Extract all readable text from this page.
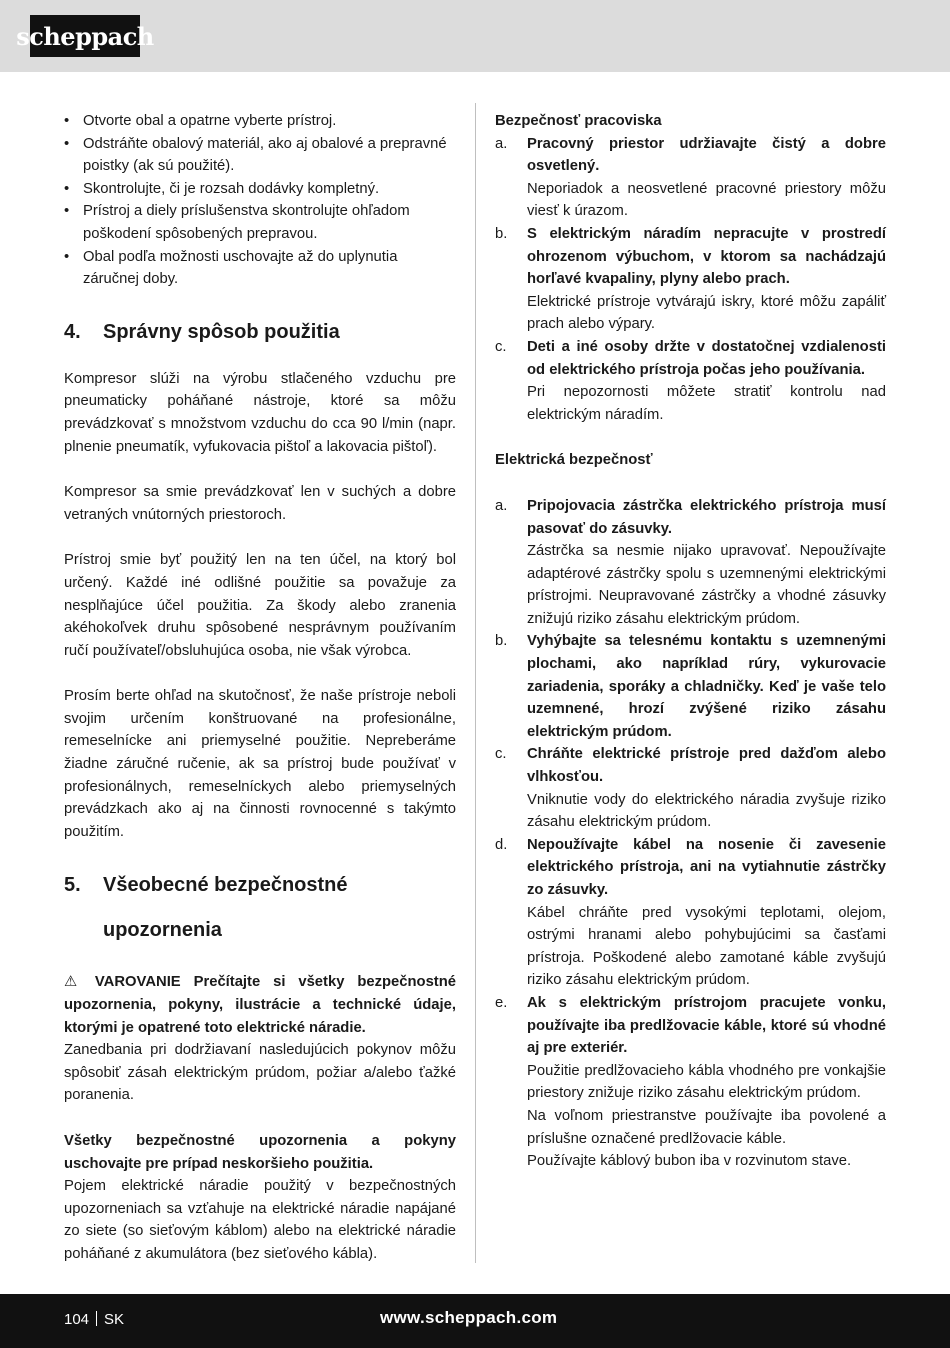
scheppach
• Otvorte obal a opatrne vyberte prístroj.
• Odstráňte obalový materiál, ako aj obalové a prepravné poistky (ak sú použité).
• Skontrolujte, či je rozsah dodávky kompletný.
• Prístroj a diely príslušenstva skontrolujte ohľadom poškodení spôsobených prepravou.
• Obal podľa možnosti uschovajte až do uplynutia záručnej doby.
4.	Správny spôsob použitia

Kompresor slúži na výrobu stlačeného vzduchu pre pneumaticky poháňané nástroje, ktoré sa môžu prevádzkovať s množstvom vzduchu do cca 90 l/min (napr. plnenie pneumatík, vyfukovacia pištoľ a lakovacia pištoľ).

Kompresor sa smie prevádzkovať len v suchých a dobre vetraných vnútorných priestoroch.

Prístroj smie byť použitý len na ten účel, na ktorý bol určený. Každé iné odlišné použitie sa považuje za nesplňajúce účel použitia. Za škody alebo zranenia akéhokoľvek druhu spôsobené nesprávnym používaním ručí používateľ/obsluhujúca osoba, nie však výrobca.

Prosím berte ohľad na skutočnosť, že naše prístroje neboli svojim určením konštruované na profesionálne, remeselnícke ani priemyselné použitie. Nepreberáme žiadne záručné ručenie, ak sa prístroj bude používať v profesionálnych, remeselníckych alebo priemyselných prevádzkach ako aj na činnosti rovnocenné s takýmto použitím.

5.	Všeobecné bezpečnostné
upozornenia

⚠ VAROVANIE Prečítajte si všetky bezpečnostné upozornenia, pokyny, ilustrácie a technické údaje, ktorými je opatrené toto elektrické náradie.

Zanedbania pri dodržiavaní nasledujúcich pokynov môžu spôsobiť zásah elektrickým prúdom, požiar a/alebo ťažké poranenia.

Všetky bezpečnostné upozornenia a pokyny uschovajte pre prípad neskoršieho použitia.

Pojem elektrické náradie použitý v bezpečnostných upozorneniach sa vzťahuje na elektrické náradie napájané zo siete (so sieťovým káblom) alebo na elektrické náradie poháňané z akumulátora (bez sieťového kábla).

Bezpečnosť pracoviska
a.	Pracovný priestor udržiavajte čistý a dobre osvetlený.

Neporiadok a neosvetlené pracovné priestory môžu viesť k úrazom.

b.	S elektrickým náradím nepracujte v prostredí ohrozenom výbuchom, v ktorom sa nachádzajú horľavé kvapaliny, plyny alebo prach.

Elektrické prístroje vytvárajú iskry, ktoré môžu zapáliť prach alebo výpary.

c.	Deti a iné osoby držte v dostatočnej vzdialenosti od elektrického prístroja počas jeho používania.

Pri nepozornosti môžete stratiť kontrolu nad elektrickým náradím.

Elektrická bezpečnosť
a.	Pripojovacia zástrčka elektrického prístroja musí pasovať do zásuvky.

Zástrčka sa nesmie nijako upravovať. Nepoužívajte adaptérové zástrčky spolu s uzemnenými elektrickými prístrojmi. Neupravované zástrčky a vhodné zásuvky znižujú riziko zásahu elektrickým prúdom.

b.	Vyhýbajte sa telesnému kontaktu s uzemnenými plochami, ako napríklad rúry, vykurovacie zariadenia, sporáky a chladničky. Keď je vaše telo uzemnené, hrozí zvýšené riziko zásahu elektrickým prúdom.

c.	Chráňte elektrické prístroje pred dažďom alebo vlhkosťou.

Vniknutie vody do elektrického náradia zvyšuje riziko zásahu elektrickým prúdom.

d.	Nepoužívajte kábel na nosenie či zavesenie elektrického prístroja, ani na vytiahnutie zástrčky zo zásuvky.

Kábel chráňte pred vysokými teplotami, olejom, ostrými hranami alebo pohybujúcimi sa časťami prístroja. Poškodené alebo zamotané káble zvyšujú riziko zásahu elektrickým prúdom.

e.	Ak s elektrickým prístrojom pracujete vonku, používajte iba predlžovacie káble, ktoré sú vhodné aj pre exteriér.

Použitie predlžovacieho kábla vhodného pre vonkajšie priestory znižuje riziko zásahu elektrickým prúdom.

Na voľnom priestranstve používajte iba povolené a príslušne označené predlžovacie káble.

Používajte káblový bubon iba v rozvinutom stave.

104 SK	www.scheppach.com
